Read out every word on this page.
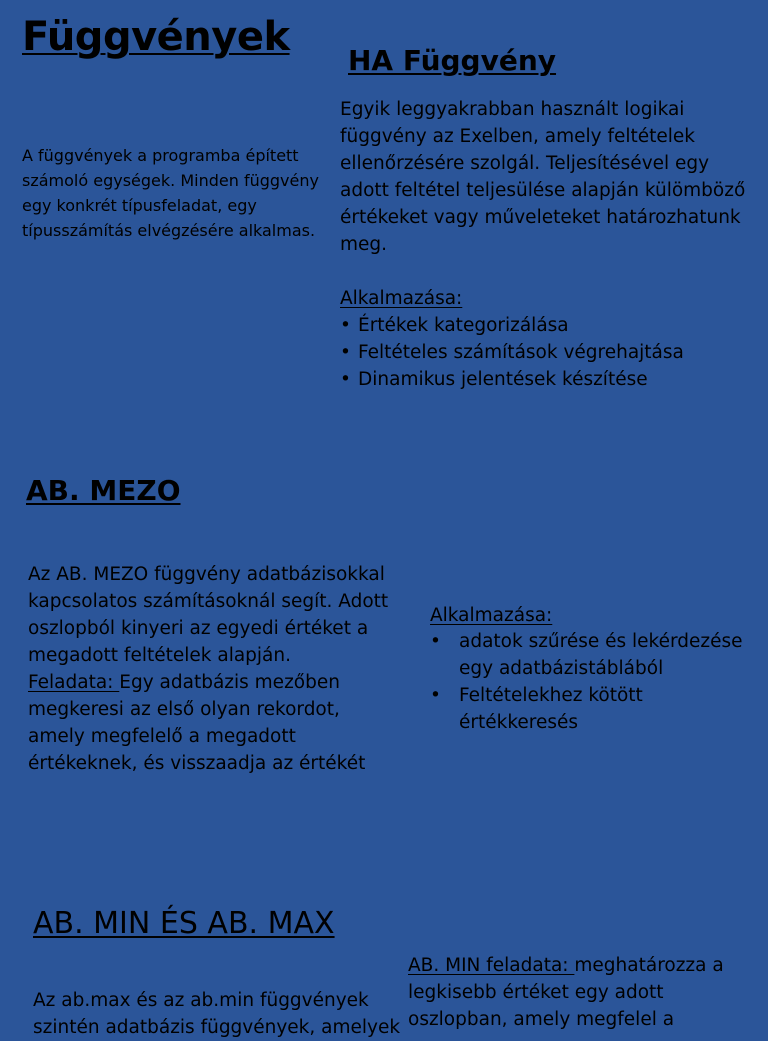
Függvények
HA Függvény

A függvények a programba épített számoló egységek. Minden függvény egy konkrét típusfeladat, egy típusszámítás elvégzésére alkalmas.

Egyik leggyakrabban használt logikai függvény az Exelben, amely feltételek ellenőrzésére szolgál. Teljesítésével egy adott feltétel teljesülése alapján külömböző értékeket vagy műveleteket határozhatunk meg.

Alkalmazása:

• Értékek kategorizálása
• Feltételes számítások végrehajtása
• Dinamikus jelentések készítése
AB. MEZO

Az AB. MEZO függvény adatbázisokkal kapcsolatos számításoknál segít. Adott oszlopból kinyeri az egyedi értéket a megadott feltételek alapján.
Feladata: Egy adatbázis mezőben megkeresi az első olyan rekordot, amely megfelelő a megadott értékeknek, és visszaadja az értékét

Alkalmazása:

• adatok szűrése és lekérdezése egy adatbázistáblából
• Feltételekhez kötött értékkeresés
AB. MIN ÉS AB. MAX

Az ab.max és az ab.min függvények szintén adatbázis függvények, amelyek

AB. MIN feladata: meghatározza a legkisebb értéket egy adott oszlopban, amely megfelel a
